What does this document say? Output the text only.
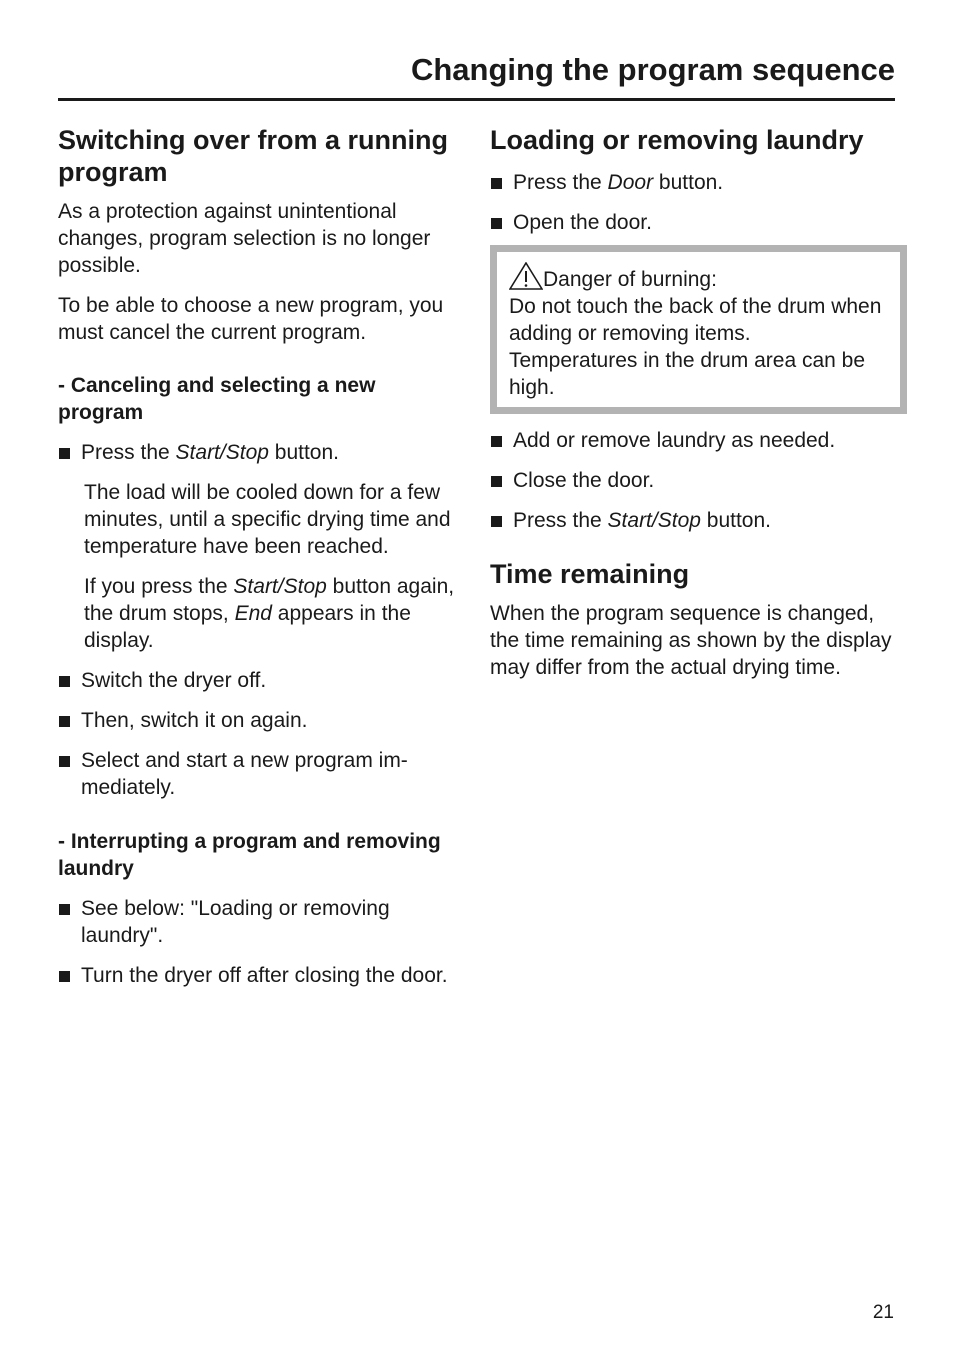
Changing the program sequence
Switching over from a running program

As a protection against unintentional changes, program selection is no longer possible.

To be able to choose a new program, you must cancel the current program.

- Canceling and selecting a new program
Press the Start/Stop button.

The load will be cooled down for a few minutes, until a specific drying time and temperature have been reached.

If you press the Start/Stop button again, the drum stops, End appears in the display.

Switch the dryer off.
Then, switch it on again.
Select and start a new program im-mediately.
- Interrupting a program and removing laundry
See below: "Loading or removing laundry".
Turn the dryer off after closing the door.
Loading or removing laundry
Press the Door button.
Open the door.
Danger of burning:
Do not touch the back of the drum when adding or removing items. Temperatures in the drum area can be high.
Add or remove laundry as needed.
Close the door.
Press the Start/Stop button.
Time remaining

When the program sequence is changed, the time remaining as shown by the display may differ from the actual drying time.

21
